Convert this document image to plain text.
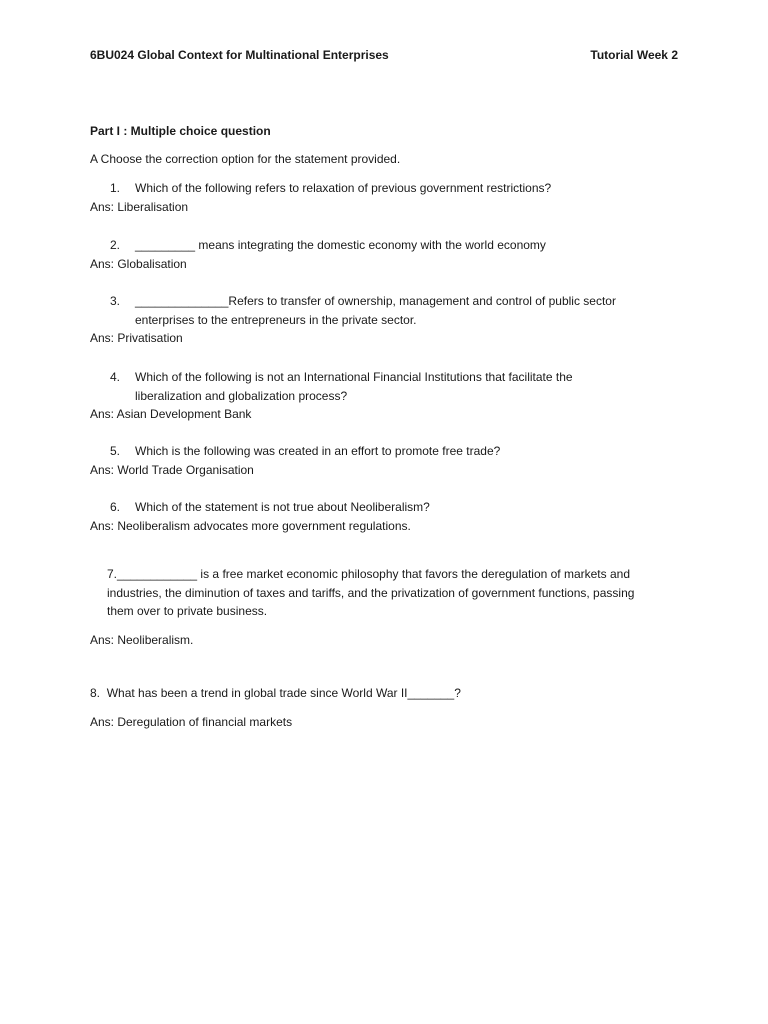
6BU024 Global Context for Multinational Enterprises	Tutorial Week 2
Part I : Multiple choice question
A Choose the correction option for the statement provided.
1. Which of the following refers to relaxation of previous government restrictions?
Ans: Liberalisation
2. _________ means integrating the domestic economy with the world economy
Ans: Globalisation
3. ______________Refers to transfer of ownership, management and control of public sector
enterprises to the entrepreneurs in the private sector.
Ans: Privatisation
4. Which of the following is not an International Financial Institutions that facilitate the
liberalization and globalization process?
Ans: Asian Development Bank
5. Which is the following was created in an effort to promote free trade?
Ans: World Trade Organisation
6. Which of the statement is not true about Neoliberalism?
Ans: Neoliberalism advocates more government regulations.
7.____________ is a free market economic philosophy that favors the deregulation of markets and
industries, the diminution of taxes and tariffs, and the privatization of government functions, passing
them over to private business.
Ans: Neoliberalism.
8. What has been a trend in global trade since World War II_______?
Ans: Deregulation of financial markets
